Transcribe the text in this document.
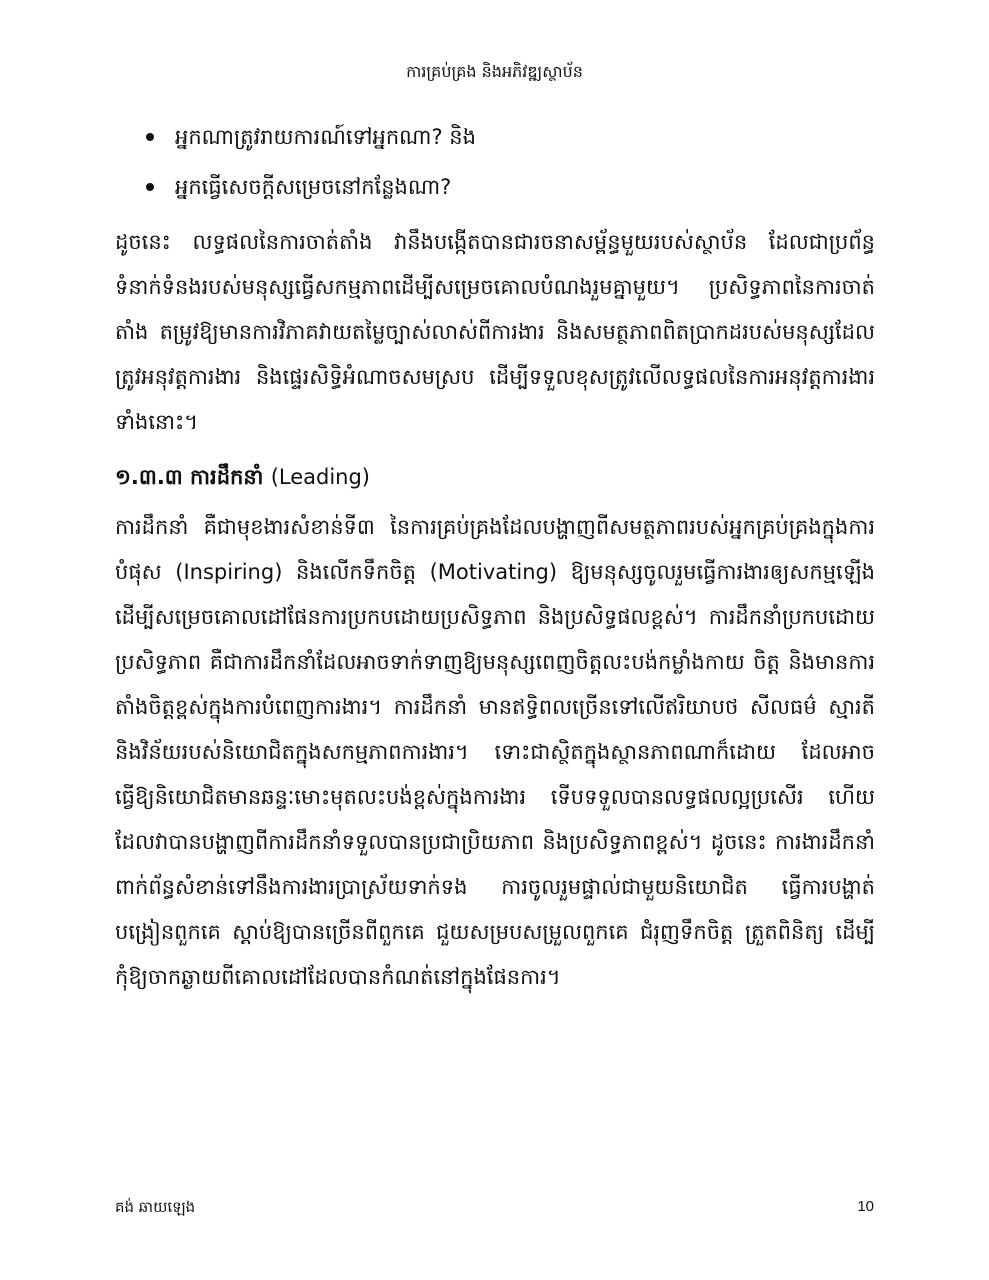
ការគ្រប់គ្រង និងអភិវឌ្ឍស្ថាប័ន
អ្នកណាត្រូវរាយការណ៍ទៅអ្នកណា? និង
អ្នកធ្វើសេចក្តីសម្រេចនៅកន្លែងណា?

ដូចនេះ លទ្ធផលនៃការចាត់តាំង វានឹងបង្កើតបានជារចនាសម្ព័ន្ធមួយរបស់ស្ថាប័ន ដែលជាប្រព័ន្ធទំនាក់ទំនងរបស់មនុស្សធ្វើសកម្មភាពដើម្បីសម្រេចគោលបំណងរួមគ្នាមួយ។ ប្រសិទ្ធភាពនៃការចាត់តាំង តម្រូវឱ្យមានការវិភាគវាយតម្លៃច្បាស់លាស់ពីការងារ និងសមត្ថភាពពិតប្រាកដរបស់មនុស្សដែលត្រូវអនុវត្តការងារ និងផ្ទេរសិទ្ធិអំណាចសមស្រប ដើម្បីទទួលខុសត្រូវលើលទ្ធផលនៃការអនុវត្តការងារទាំងនោះ។

១.៣.៣ ការដឹកនាំ (Leading)

ការដឹកនាំ គឺជាមុខងារសំខាន់ទី៣ នៃការគ្រប់គ្រងដែលបង្ហាញពីសមត្ថភាពរបស់អ្នកគ្រប់គ្រងក្នុងការបំផុស (Inspiring) និងលើកទឹកចិត្ត (Motivating) ឱ្យមនុស្សចូលរួមធ្វើការងារឲ្យសកម្មឡើង ដើម្បីសម្រេចគោលដៅផែនការប្រកបដោយប្រសិទ្ធភាព និងប្រសិទ្ធផលខ្ពស់។ ការដឹកនាំប្រកបដោយប្រសិទ្ធភាព គឺជាការដឹកនាំដែលអាចទាក់ទាញឱ្យមនុស្សពេញចិត្តលះបង់កម្លាំងកាយ ចិត្ត និងមានការតាំងចិត្តខ្ពស់ក្នុងការបំពេញការងារ។ ការដឹកនាំ មានឥទ្ធិពលច្រើនទៅលើឥរិយាបថ សីលធម៌ ស្មារតី និងវិន័យរបស់និយោជិតក្នុងសកម្មភាពការងារ។ ទោះជាស្ថិតក្នុងស្ថានភាពណាក៏ដោយ ដែលអាចធ្វើឱ្យនិយោជិតមានឆន្ទៈមោះមុតលះបង់ខ្ពស់ក្នុងការងារ ទើបទទួលបានលទ្ធផលល្អប្រសើរ ហើយដែលវាបានបង្ហាញពីការដឹកនាំទទួលបានប្រជាប្រិយភាព និងប្រសិទ្ធភាពខ្ពស់។ ដូចនេះ ការងារដឹកនាំ ពាក់ព័ន្ធសំខាន់ទៅនឹងការងារប្រាស្រ័យទាក់ទង ការចូលរួមផ្ទាល់ជាមួយនិយោជិត ធ្វើការបង្ហាត់បង្រៀនពួកគេ ស្តាប់ឱ្យបានច្រើនពីពួកគេ ជួយសម្របសម្រួលពួកគេ ជំរុញទឹកចិត្ត ត្រួតពិនិត្យ ដើម្បីកុំឱ្យចាកឆ្ងាយពីគោលដៅដែលបានកំណត់នៅក្នុងផែនការ។

គង់ ឆាយឡេង	10
